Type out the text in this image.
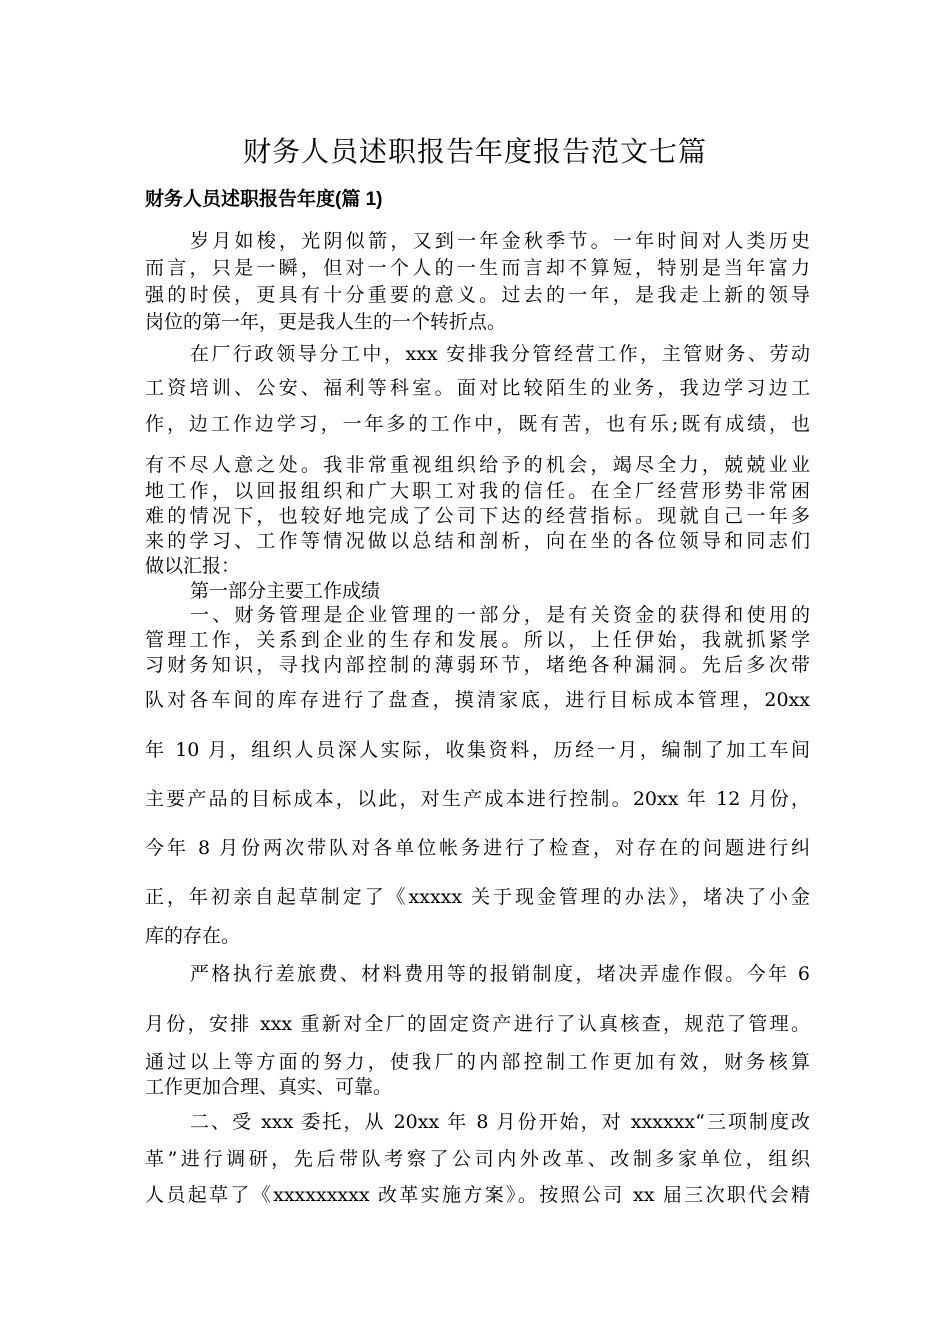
财务人员述职报告年度报告范文七篇
财务人员述职报告年度(篇 1)
岁月如梭，光阴似箭，又到一年金秋季节。一年时间对人类历史
而言，只是一瞬，但对一个人的一生而言却不算短，特别是当年富力
强的时侯，更具有十分重要的意义。过去的一年，是我走上新的领导
岗位的第一年，更是我人生的一个转折点。
在厂行政领导分工中，xxx 安排我分管经营工作，主管财务、劳动
工资培训、公安、福利等科室。面对比较陌生的业务，我边学习边工
作，边工作边学习，一年多的工作中，既有苦，也有乐;既有成绩，也
有不尽人意之处。我非常重视组织给予的机会，竭尽全力，兢兢业业
地工作，以回报组织和广大职工对我的信任。在全厂经营形势非常困
难的情况下，也较好地完成了公司下达的经营指标。现就自己一年多
来的学习、工作等情况做以总结和剖析，向在坐的各位领导和同志们
做以汇报：
第一部分主要工作成绩
一、财务管理是企业管理的一部分，是有关资金的获得和使用的
管理工作，关系到企业的生存和发展。所以，上任伊始，我就抓紧学
习财务知识，寻找内部控制的薄弱环节，堵绝各种漏洞。先后多次带
队对各车间的库存进行了盘查，摸清家底，进行目标成本管理，20xx
年 10 月，组织人员深人实际，收集资料，历经一月，编制了加工车间
主要产品的目标成本，以此，对生产成本进行控制。20xx 年 12 月份，
今年 8 月份两次带队对各单位帐务进行了检查，对存在的问题进行纠
正，年初亲自起草制定了《xxxxx 关于现金管理的办法》，堵决了小金
库的存在。
严格执行差旅费、材料费用等的报销制度，堵决弄虚作假。今年 6
月份，安排 xxx 重新对全厂的固定资产进行了认真核查，规范了管理。
通过以上等方面的努力，使我厂的内部控制工作更加有效，财务核算
工作更加合理、真实、可靠。
二、受 xxx 委托，从 20xx 年 8 月份开始，对 xxxxxx“三项制度改
革”进行调研，先后带队考察了公司内外改革、改制多家单位，组织
人员起草了《xxxxxxxxx 改革实施方案》。按照公司 xx 届三次职代会精
